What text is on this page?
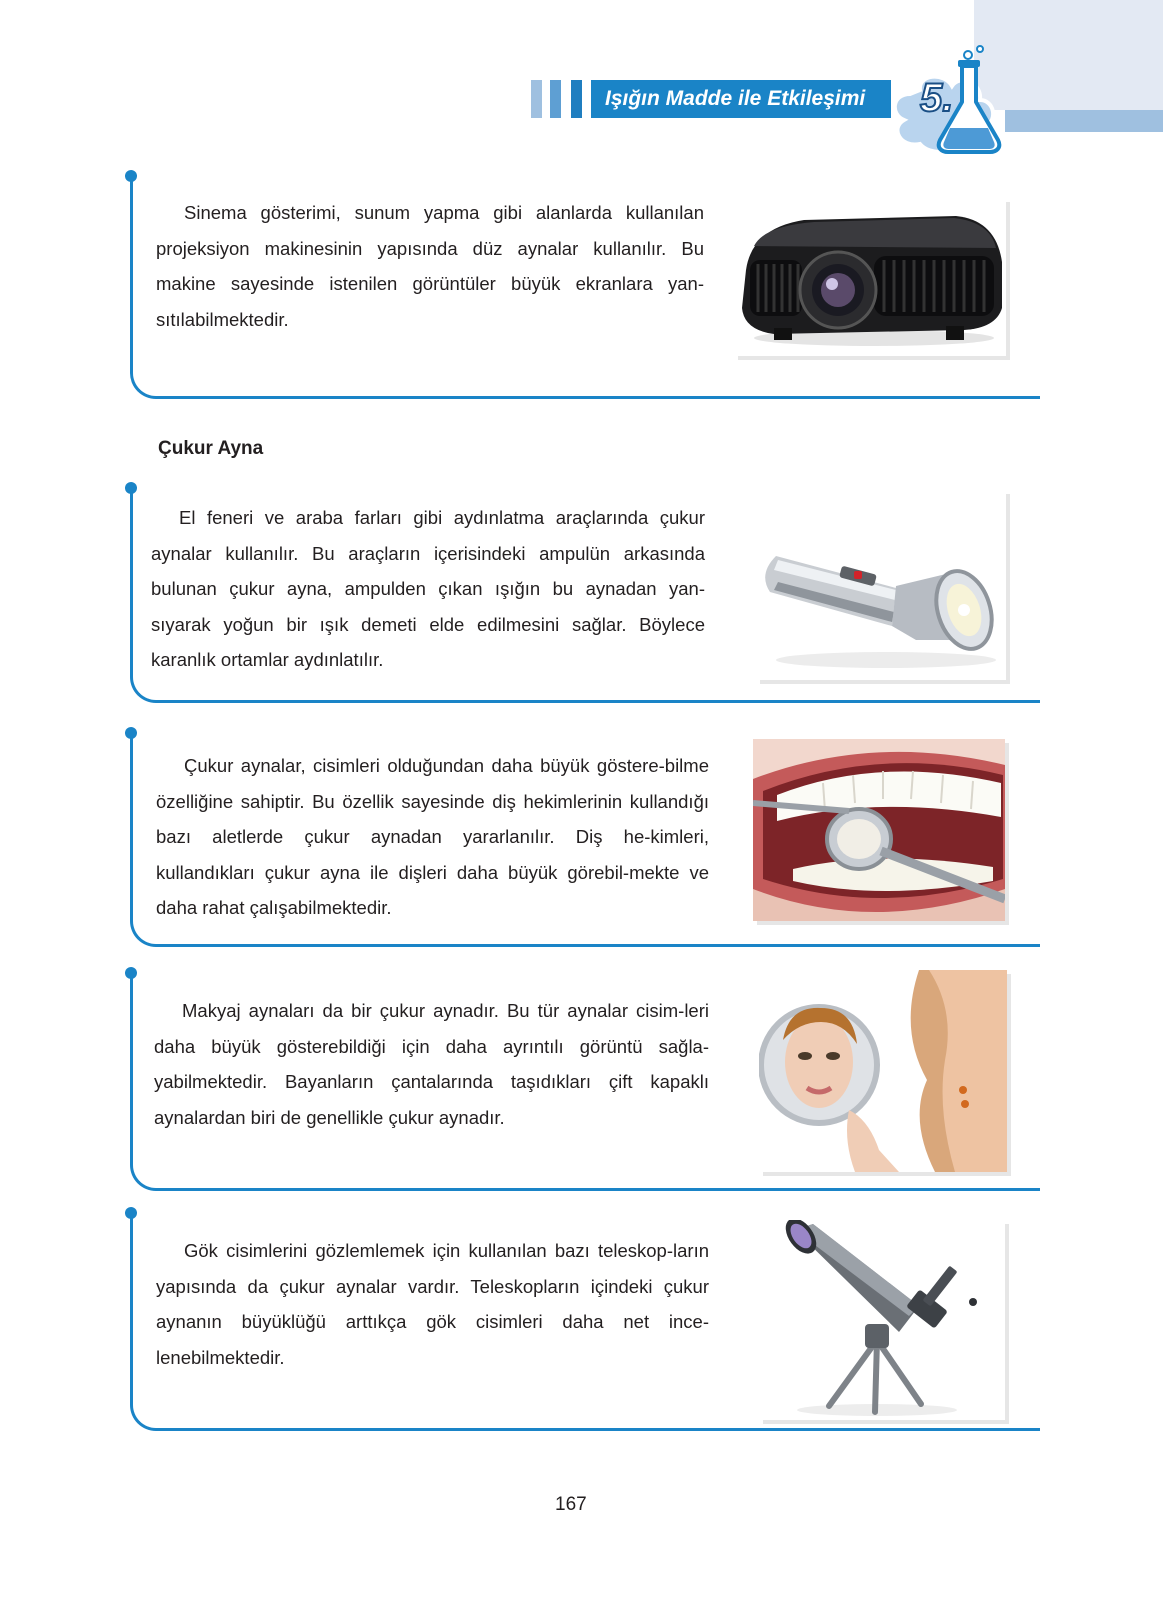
Işığın Madde ile Etkileşimi	5.

Sinema gösterimi, sunum yapma gibi alanlarda kullanılan projeksiyon makinesinin yapısında düz aynalar kullanılır. Bu makine sayesinde istenilen görüntüler büyük ekranlara yan-sıtılabilmektedir.

Çukur Ayna

El feneri ve araba farları gibi aydınlatma araçlarında çukur aynalar kullanılır. Bu araçların içerisindeki ampulün arkasında bulunan çukur ayna, ampulden çıkan ışığın bu aynadan yan-sıyarak yoğun bir ışık demeti elde edilmesini sağlar. Böylece karanlık ortamlar aydınlatılır.

Çukur aynalar, cisimleri olduğundan daha büyük göstere-bilme özelliğine sahiptir. Bu özellik sayesinde diş hekimlerinin kullandığı bazı aletlerde çukur aynadan yararlanılır. Diş he-kimleri, kullandıkları çukur ayna ile dişleri daha büyük görebil-mekte ve daha rahat çalışabilmektedir.

Makyaj aynaları da bir çukur aynadır. Bu tür aynalar cisim-leri daha büyük gösterebildiği için daha ayrıntılı görüntü sağla-yabilmektedir. Bayanların çantalarında taşıdıkları çift kapaklı aynalardan biri de genellikle çukur aynadır.

Gök cisimlerini gözlemlemek için kullanılan bazı teleskop-ların yapısında da çukur aynalar vardır. Teleskopların içindeki çukur aynanın büyüklüğü arttıkça gök cisimleri daha net ince-lenebilmektedir.

167
